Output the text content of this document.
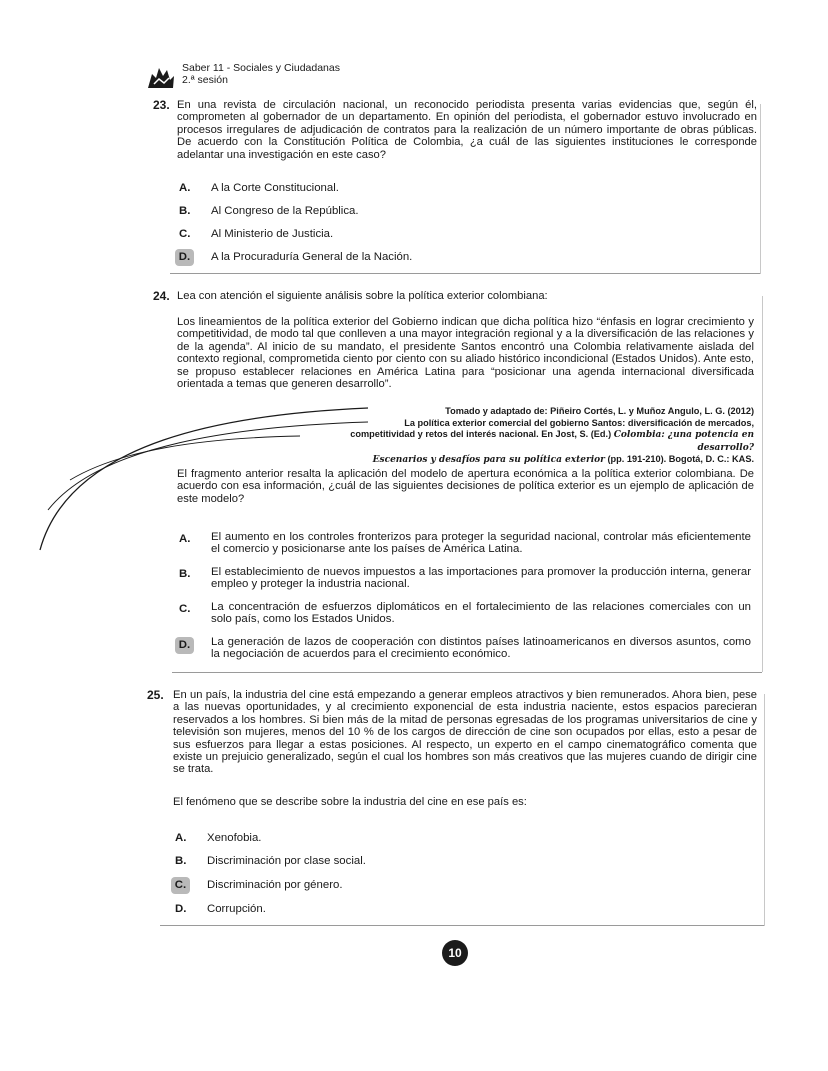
Saber 11 - Sociales y Ciudadanas
2.ª sesión
23. En una revista de circulación nacional, un reconocido periodista presenta varias evidencias que, según él, comprometen al gobernador de un departamento. En opinión del periodista, el gobernador estuvo involucrado en procesos irregulares de adjudicación de contratos para la realización de un número importante de obras públicas. De acuerdo con la Constitución Política de Colombia, ¿a cuál de las siguientes instituciones le corresponde adelantar una investigación en este caso?
A.	A la Corte Constitucional.
B.	Al Congreso de la República.
C.	Al Ministerio de Justicia.
D.	A la Procuraduría General de la Nación.
24. Lea con atención el siguiente análisis sobre la política exterior colombiana:
Los lineamientos de la política exterior del Gobierno indican que dicha política hizo “énfasis en lograr crecimiento y competitividad, de modo tal que conlleven a una mayor integración regional y a la diversificación de las relaciones y de la agenda”. Al inicio de su mandato, el presidente Santos encontró una Colombia relativamente aislada del contexto regional, comprometida ciento por ciento con su aliado histórico incondicional (Estados Unidos). Ante esto, se propuso establecer relaciones en América Latina para “posicionar una agenda internacional diversificada orientada a temas que generen desarrollo”.
Tomado y adaptado de: Piñeiro Cortés, L. y Muñoz Angulo, L. G. (2012)
La política exterior comercial del gobierno Santos: diversificación de mercados,
competitividad y retos del interés nacional. En Jost, S. (Ed.) Colombia: ¿una potencia en desarrollo?
Escenarios y desafíos para su política exterior (pp. 191-210). Bogotá, D. C.: KAS.
El fragmento anterior resalta la aplicación del modelo de apertura económica a la política exterior colombiana. De acuerdo con esa información, ¿cuál de las siguientes decisiones de política exterior es un ejemplo de aplicación de este modelo?
A.	El aumento en los controles fronterizos para proteger la seguridad nacional, controlar más eficientemente el comercio y posicionarse ante los países de América Latina.
B.	El establecimiento de nuevos impuestos a las importaciones para promover la producción interna, generar empleo y proteger la industria nacional.
C.	La concentración de esfuerzos diplomáticos en el fortalecimiento de las relaciones comerciales con un solo país, como los Estados Unidos.
D.	La generación de lazos de cooperación con distintos países latinoamericanos en diversos asuntos, como la negociación de acuerdos para el crecimiento económico.
25. En un país, la industria del cine está empezando a generar empleos atractivos y bien remunerados. Ahora bien, pese a las nuevas oportunidades, y al crecimiento exponencial de esta industria naciente, estos espacios parecieran reservados a los hombres. Si bien más de la mitad de personas egresadas de los programas universitarios de cine y televisión son mujeres, menos del 10 % de los cargos de dirección de cine son ocupados por ellas, esto a pesar de sus esfuerzos para llegar a estas posiciones. Al respecto, un experto en el campo cinematográfico comenta que existe un prejuicio generalizado, según el cual los hombres son más creativos que las mujeres cuando de dirigir cine se trata.
El fenómeno que se describe sobre la industria del cine en ese país es:
A.	Xenofobia.
B.	Discriminación por clase social.
C.	Discriminación por género.
D.	Corrupción.
10
